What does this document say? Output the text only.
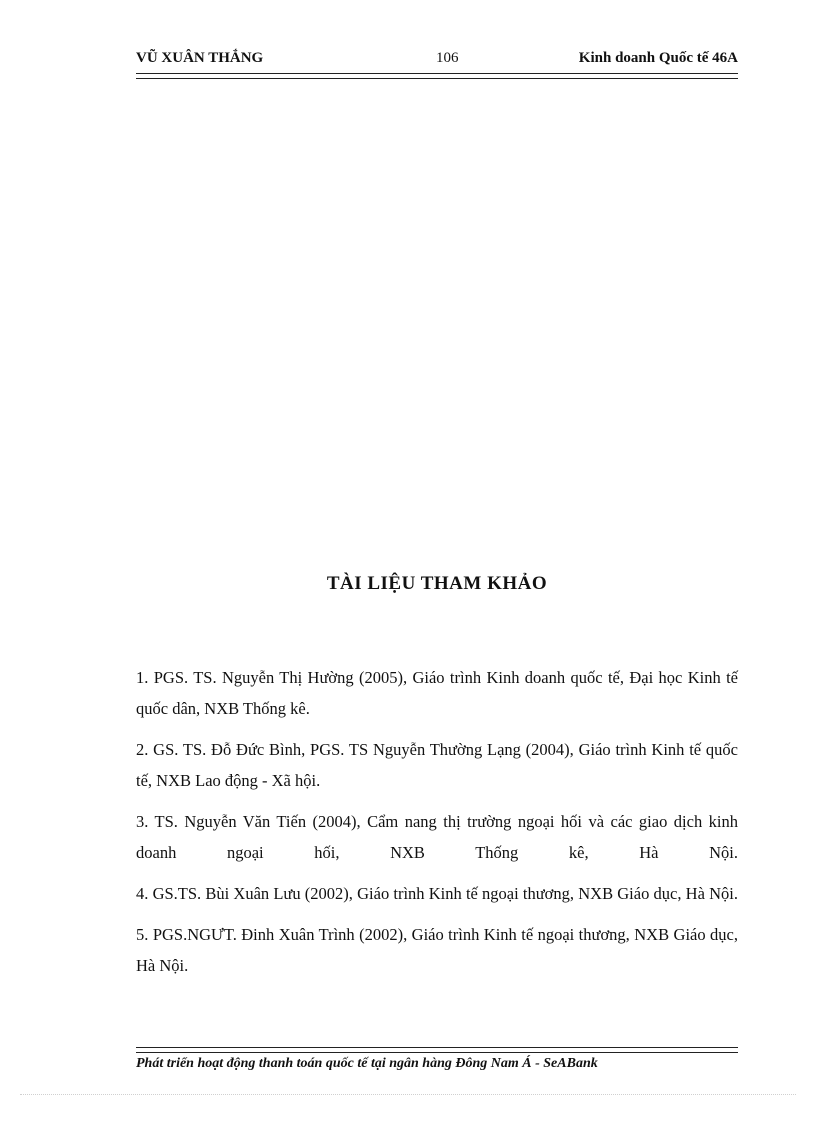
VŨ XUÂN THẮNG	106	Kinh doanh Quốc tế 46A
TÀI LIỆU THAM KHẢO

1. PGS. TS. Nguyễn Thị Hường (2005), Giáo trình Kinh doanh quốc tế, Đại học Kinh tế quốc dân, NXB Thống kê.

2. GS. TS. Đỗ Đức Bình, PGS. TS Nguyễn Thường Lạng (2004), Giáo trình Kinh tế quốc tế, NXB Lao động - Xã hội.

3. TS. Nguyễn Văn Tiến (2004), Cẩm nang thị trường ngoại hối và các giao dịch kinh doanh ngoại hối, NXB Thống kê, Hà Nội.

4. GS.TS. Bùi Xuân Lưu (2002), Giáo trình Kinh tế ngoại thương, NXB Giáo dục, Hà Nội.

5. PGS.NGƯT. Đinh Xuân Trình (2002), Giáo trình Kinh tế ngoại thương, NXB Giáo dục, Hà Nội.

Phát triển hoạt động thanh toán quốc tế tại ngân hàng Đông Nam Á - SeABank
